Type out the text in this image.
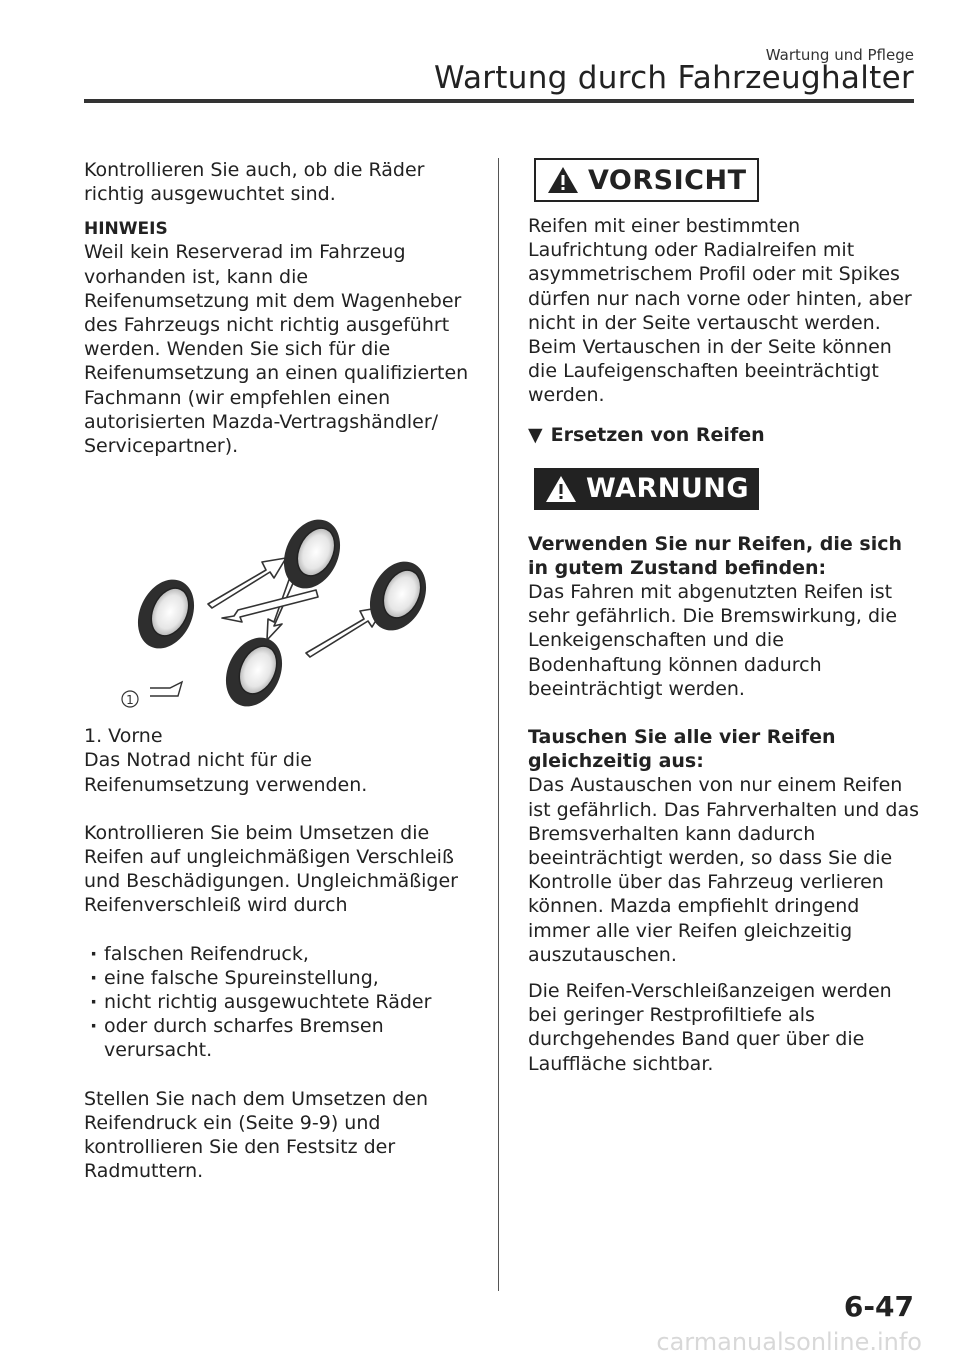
Wartung und Pflege
Wartung durch Fahrzeughalter

Kontrollieren Sie auch, ob die Räder richtig ausgewuchtet sind.

HINWEIS

Weil kein Reserverad im Fahrzeug vorhanden ist, kann die Reifenumsetzung mit dem Wagenheber des Fahrzeugs nicht richtig ausgeführt werden. Wenden Sie sich für die Reifenumsetzung an einen qualifizierten Fachmann (wir empfehlen einen autorisierten Mazda-Vertragshändler/ Servicepartner).

1

1. Vorne

Das Notrad nicht für die Reifenumsetzung verwenden.

Kontrollieren Sie beim Umsetzen die Reifen auf ungleichmäßigen Verschleiß und Beschädigungen. Ungleichmäßiger Reifenverschleiß wird durch

· falschen Reifendruck,
· eine falsche Spureinstellung,
· nicht richtig ausgewuchtete Räder
· oder durch scharfes Bremsen verursacht.

Stellen Sie nach dem Umsetzen den Reifendruck ein (Seite 9-9) und kontrollieren Sie den Festsitz der Radmuttern.

VORSICHT

Reifen mit einer bestimmten Laufrichtung oder Radialreifen mit asymmetrischem Profil oder mit Spikes dürfen nur nach vorne oder hinten, aber nicht in der Seite vertauscht werden. Beim Vertauschen in der Seite können die Laufeigenschaften beeinträchtigt werden.

▼ Ersetzen von Reifen
WARNUNG

Verwenden Sie nur Reifen, die sich in gutem Zustand befinden:

Das Fahren mit abgenutzten Reifen ist sehr gefährlich. Die Bremswirkung, die Lenkeigenschaften und die Bodenhaftung können dadurch beeinträchtigt werden.

Tauschen Sie alle vier Reifen gleichzeitig aus:

Das Austauschen von nur einem Reifen ist gefährlich. Das Fahrverhalten und das Bremsverhalten kann dadurch beeinträchtigt werden, so dass Sie die Kontrolle über das Fahrzeug verlieren können. Mazda empfiehlt dringend immer alle vier Reifen gleichzeitig auszutauschen.

Die Reifen-Verschleißanzeigen werden bei geringer Restprofiltiefe als durchgehendes Band quer über die Lauffläche sichtbar.

6-47
carmanualsonline.info
